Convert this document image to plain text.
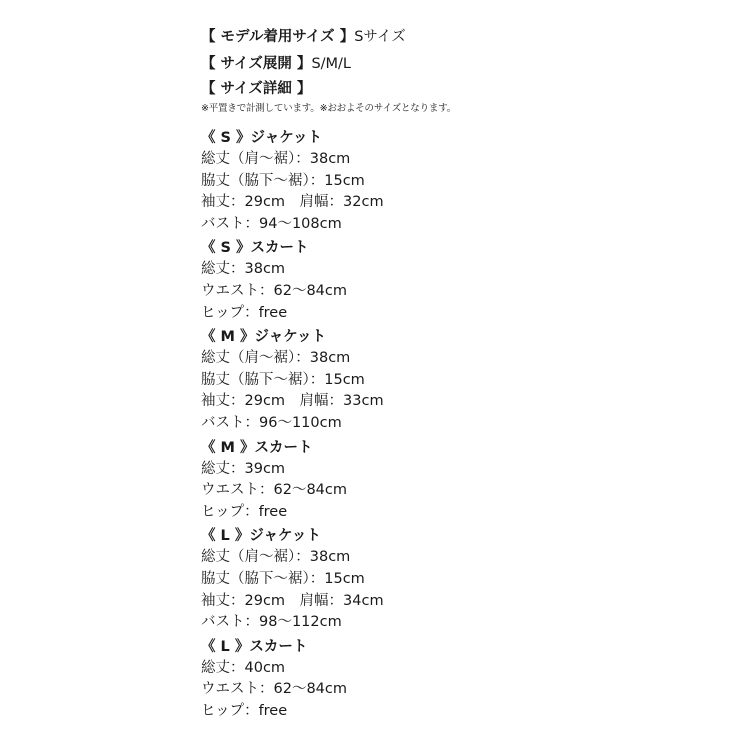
【 モデル着用サイズ 】Sサイズ
【 サイズ展開 】S/M/L
【 サイズ詳細 】
※平置きで計測しています。※おおよそのサイズとなります。
《 S 》ジャケット
総丈（肩～裾）：38cm
脇丈（脇下～裾）：15cm
袖丈：29cm　肩幅：32cm
バスト：94～108cm
《 S 》スカート
総丈：38cm
ウエスト：62～84cm
ヒップ：free
《 M 》ジャケット
総丈（肩～裾）：38cm
脇丈（脇下～裾）：15cm
袖丈：29cm　肩幅：33cm
バスト：96～110cm
《 M 》スカート
総丈：39cm
ウエスト：62～84cm
ヒップ：free
《 L 》ジャケット
総丈（肩～裾）：38cm
脇丈（脇下～裾）：15cm
袖丈：29cm　肩幅：34cm
バスト：98～112cm
《 L 》スカート
総丈：40cm
ウエスト：62～84cm
ヒップ：free
